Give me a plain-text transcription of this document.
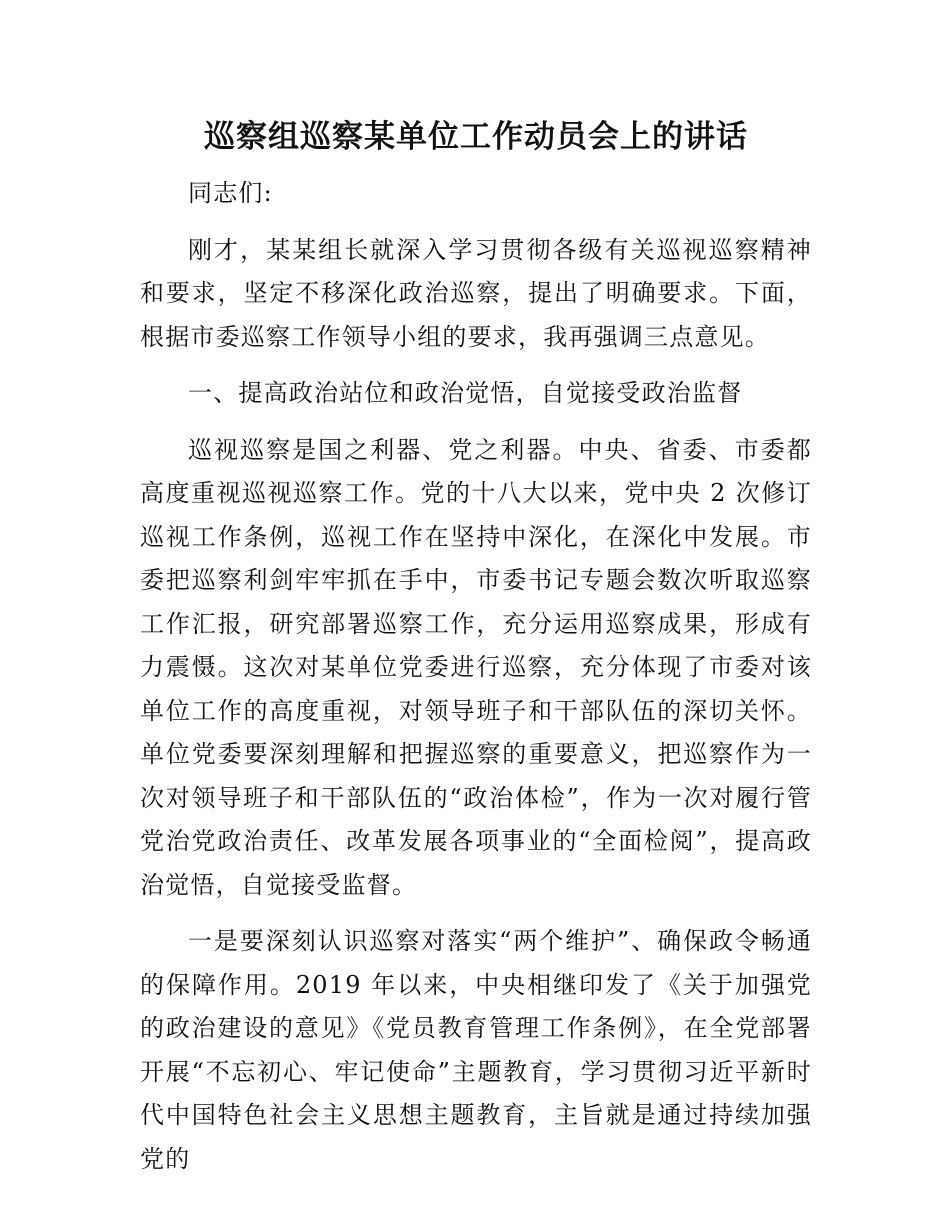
巡察组巡察某单位工作动员会上的讲话

同志们:

刚才，某某组长就深入学习贯彻各级有关巡视巡察精神和要求，坚定不移深化政治巡察，提出了明确要求。下面，根据市委巡察工作领导小组的要求，我再强调三点意见。

一、提高政治站位和政治觉悟，自觉接受政治监督

巡视巡察是国之利器、党之利器。中央、省委、市委都高度重视巡视巡察工作。党的十八大以来，党中央 2 次修订巡视工作条例，巡视工作在坚持中深化，在深化中发展。市委把巡察利剑牢牢抓在手中，市委书记专题会数次听取巡察工作汇报，研究部署巡察工作，充分运用巡察成果，形成有力震慑。这次对某单位党委进行巡察，充分体现了市委对该单位工作的高度重视，对领导班子和干部队伍的深切关怀。单位党委要深刻理解和把握巡察的重要意义，把巡察作为一次对领导班子和干部队伍的“政治体检”，作为一次对履行管党治党政治责任、改革发展各项事业的“全面检阅”，提高政治觉悟，自觉接受监督。

一是要深刻认识巡察对落实“两个维护”、确保政令畅通的保障作用。2019 年以来，中央相继印发了《关于加强党的政治建设的意见》《党员教育管理工作条例》，在全党部署开展“不忘初心、牢记使命”主题教育，学习贯彻习近平新时代中国特色社会主义思想主题教育，主旨就是通过持续加强党的
